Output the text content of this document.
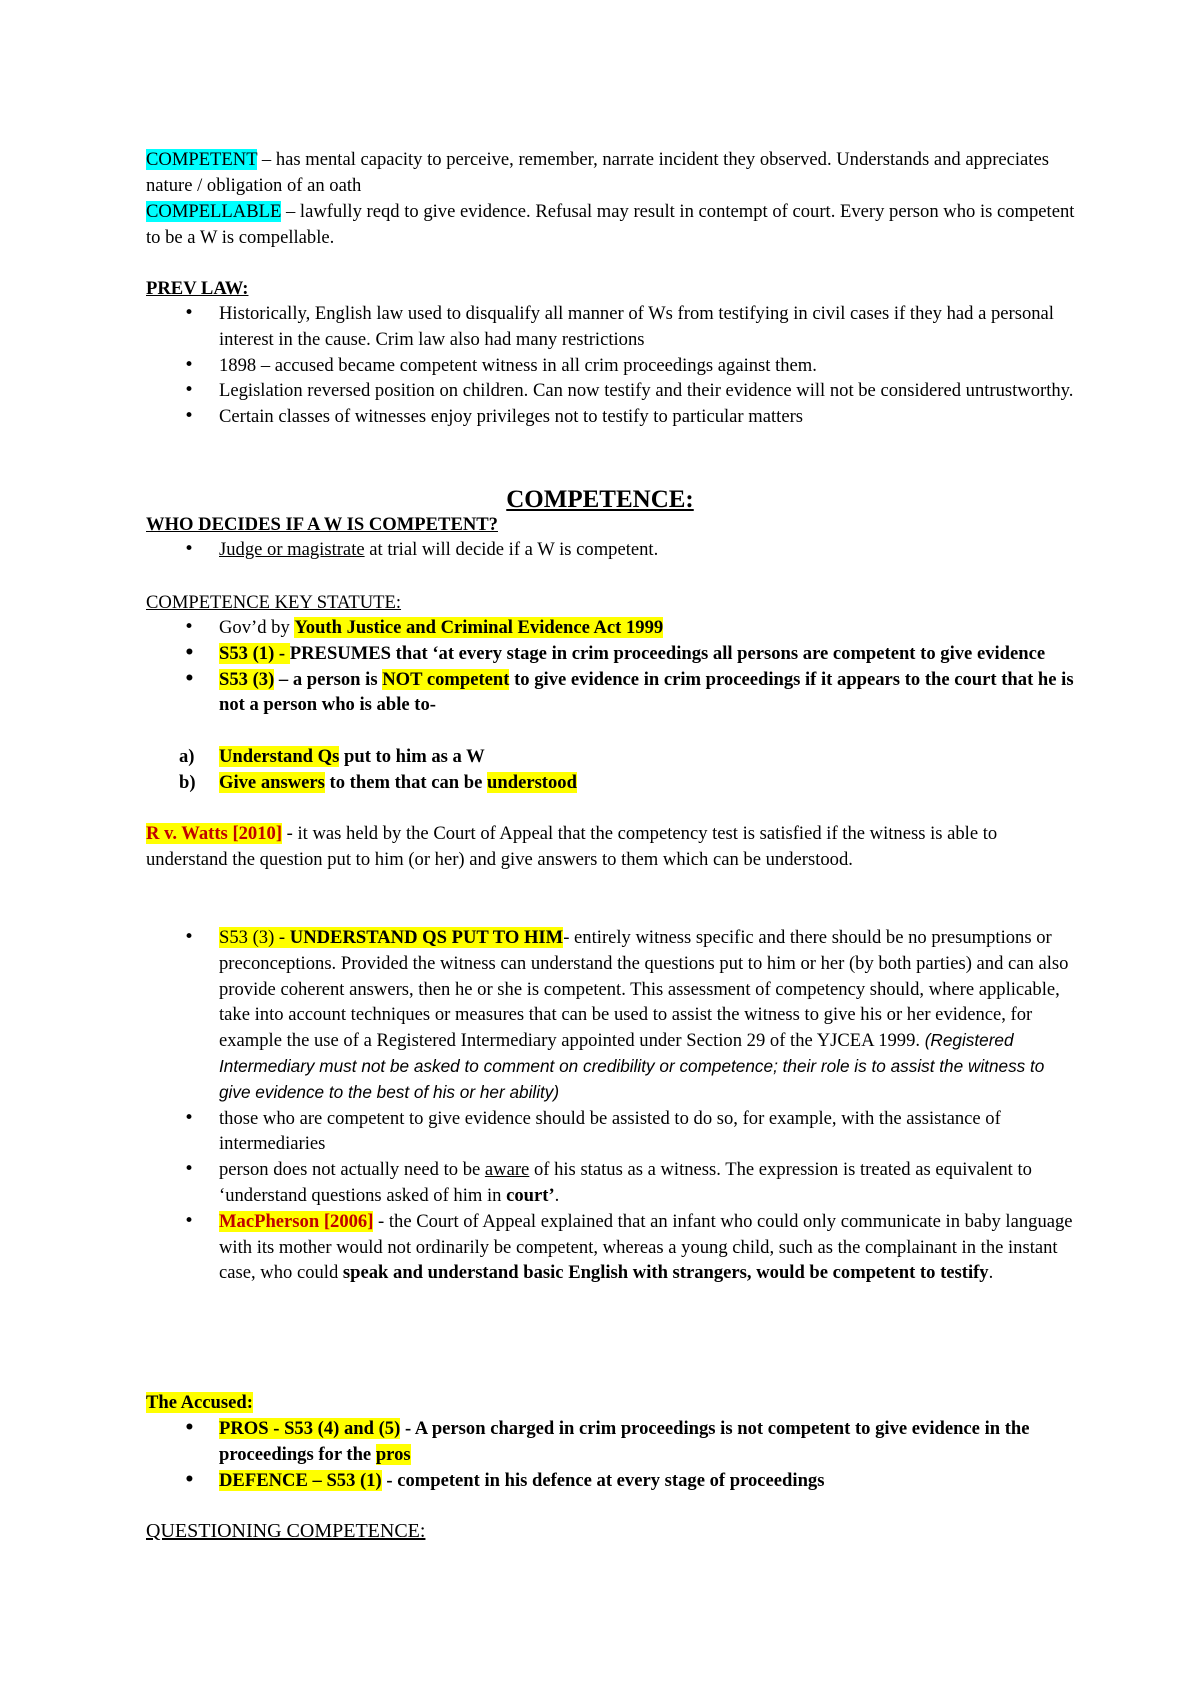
COMPETENT – has mental capacity to perceive, remember, narrate incident they observed. Understands and appreciates nature / obligation of an oath

COMPELLABLE – lawfully reqd to give evidence. Refusal may result in contempt of court. Every person who is competent to be a W is compellable.

PREV LAW:

• Historically, English law used to disqualify all manner of Ws from testifying in civil cases if they had a personal interest in the cause. Crim law also had many restrictions
• 1898 – accused became competent witness in all crim proceedings against them.
• Legislation reversed position on children. Can now testify and their evidence will not be considered untrustworthy.
• Certain classes of witnesses enjoy privileges not to testify to particular matters
COMPETENCE:

WHO DECIDES IF A W IS COMPETENT?

• Judge or magistrate at trial will decide if a W is competent.

COMPETENCE KEY STATUTE:

• Gov’d by Youth Justice and Criminal Evidence Act 1999
• S53 (1) - PRESUMES that ‘at every stage in crim proceedings all persons are competent to give evidence
• S53 (3) – a person is NOT competent to give evidence in crim proceedings if it appears to the court that he is not a person who is able to-
a) Understand Qs put to him as a W
b) Give answers to them that can be understood

R v. Watts [2010] - it was held by the Court of Appeal that the competency test is satisfied if the witness is able to understand the question put to him (or her) and give answers to them which can be understood.

• S53 (3) - UNDERSTAND QS PUT TO HIM- entirely witness specific and there should be no presumptions or preconceptions. Provided the witness can understand the questions put to him or her (by both parties) and can also provide coherent answers, then he or she is competent. This assessment of competency should, where applicable, take into account techniques or measures that can be used to assist the witness to give his or her evidence, for example the use of a Registered Intermediary appointed under Section 29 of the YJCEA 1999. (Registered Intermediary must not be asked to comment on credibility or competence; their role is to assist the witness to give evidence to the best of his or her ability)
• those who are competent to give evidence should be assisted to do so, for example, with the assistance of intermediaries
• person does not actually need to be aware of his status as a witness. The expression is treated as equivalent to ‘understand questions asked of him in court’.
• MacPherson [2006] - the Court of Appeal explained that an infant who could only communicate in baby language with its mother would not ordinarily be competent, whereas a young child, such as the complainant in the instant case, who could speak and understand basic English with strangers, would be competent to testify.

The Accused:

• PROS - S53 (4) and (5) - A person charged in crim proceedings is not competent to give evidence in the proceedings for the pros
• DEFENCE – S53 (1) - competent in his defence at every stage of proceedings

QUESTIONING COMPETENCE:
